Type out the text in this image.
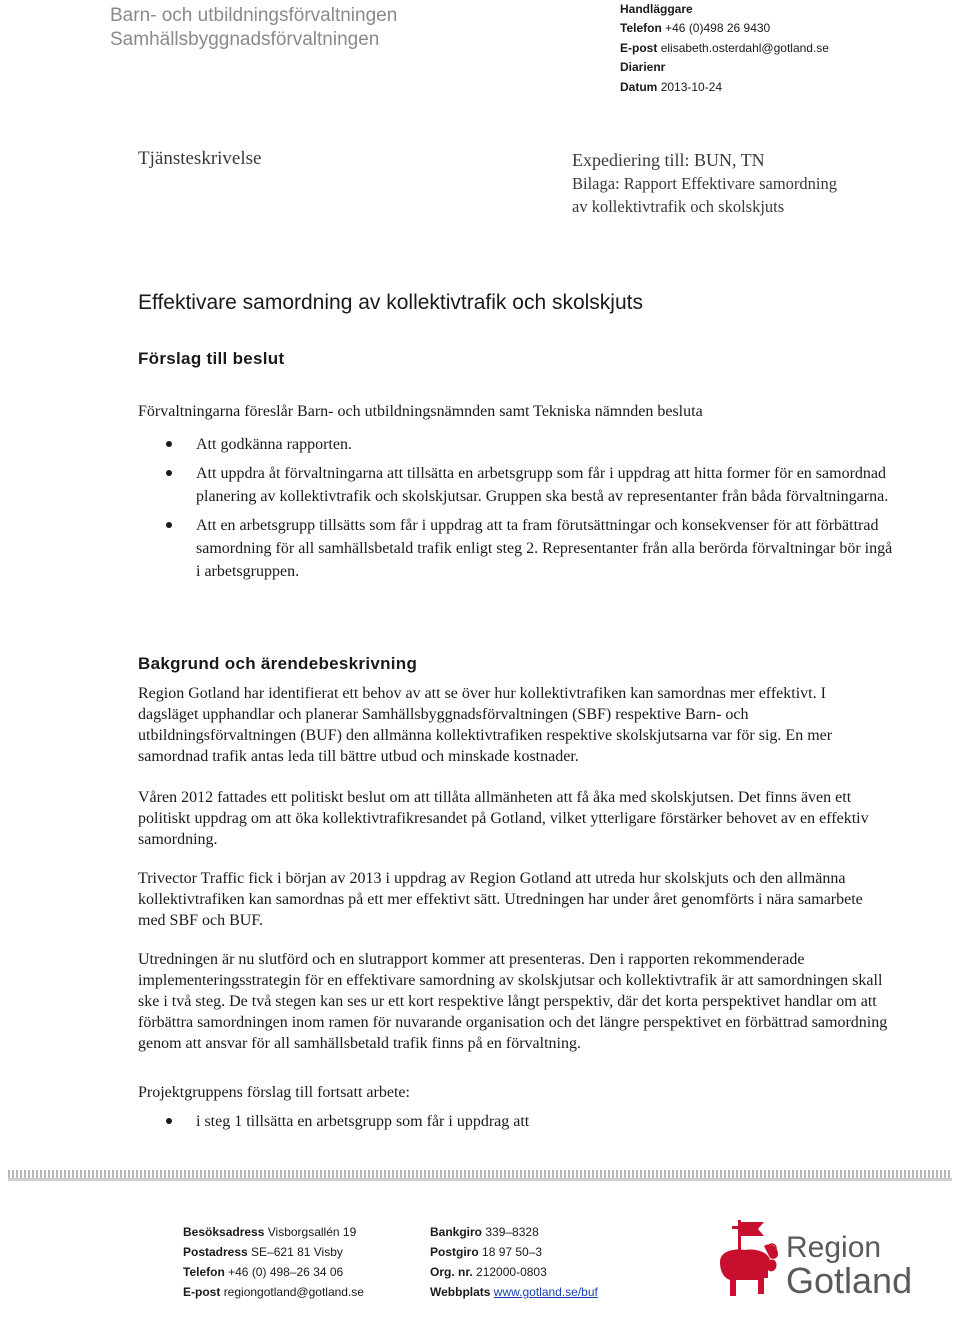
Barn- och utbildningsförvaltningen
Samhällsbyggnadsförvaltningen
Handläggare
Telefon +46 (0)498 26 9430
E-post elisabeth.osterdahl@gotland.se
Diarienr
Datum 2013-10-24
Tjänsteskrivelse	Expediering till: BUN, TN
Bilaga: Rapport Effektivare samordning
av kollektivtrafik och skolskjuts
Effektivare samordning av kollektivtrafik och skolskjuts
Förslag till beslut
Förvaltningarna föreslår Barn- och utbildningsnämnden samt Tekniska nämnden besluta
Att godkänna rapporten.
Att uppdra åt förvaltningarna att tillsätta en arbetsgrupp som får i uppdrag att hitta former för en samordnad planering av kollektivtrafik och skolskjutsar. Gruppen ska bestå av representanter från båda förvaltningarna.
Att en arbetsgrupp tillsätts som får i uppdrag att ta fram förutsättningar och konsekvenser för att förbättrad samordning för all samhällsbetald trafik enligt steg 2. Representanter från alla berörda förvaltningar bör ingå i arbetsgruppen.
Bakgrund och ärendebeskrivning
Region Gotland har identifierat ett behov av att se över hur kollektivtrafiken kan samordnas mer effektivt. I dagsläget upphandlar och planerar Samhällsbyggnadsförvaltningen (SBF) respektive Barn- och utbildningsförvaltningen (BUF) den allmänna kollektivtrafiken respektive skolskjutsarna var för sig. En mer samordnad trafik antas leda till bättre utbud och minskade kostnader.
Våren 2012 fattades ett politiskt beslut om att tillåta allmänheten att få åka med skolskjutsen. Det finns även ett politiskt uppdrag om att öka kollektivtrafikresandet på Gotland, vilket ytterligare förstärker behovet av en effektiv samordning.
Trivector Traffic fick i början av 2013 i uppdrag av Region Gotland att utreda hur skolskjuts och den allmänna kollektivtrafiken kan samordnas på ett mer effektivt sätt. Utredningen har under året genomförts i nära samarbete med SBF och BUF.
Utredningen är nu slutförd och en slutrapport kommer att presenteras. Den i rapporten rekommenderade implementeringsstrategin för en effektivare samordning av skolskjutsar och kollektivtrafik är att samordningen skall ske i två steg. De två stegen kan ses ur ett kort respektive långt perspektiv, där det korta perspektivet handlar om att förbättra samordningen inom ramen för nuvarande organisation och det längre perspektivet en förbättrad samordning genom att ansvar för all samhällsbetald trafik finns på en förvaltning.
Projektgruppens förslag till fortsatt arbete:
i steg 1 tillsätta en arbetsgrupp som får i uppdrag att
Besöksadress Visborgsallén 19
Postadress SE–621 81 Visby
Telefon +46 (0) 498–26 34 06
E-post regiongotland@gotland.se
Bankgiro 339–8328
Postgiro 18 97 50–3
Org. nr. 212000-0803
Webbplats www.gotland.se/buf
Region
Gotland
